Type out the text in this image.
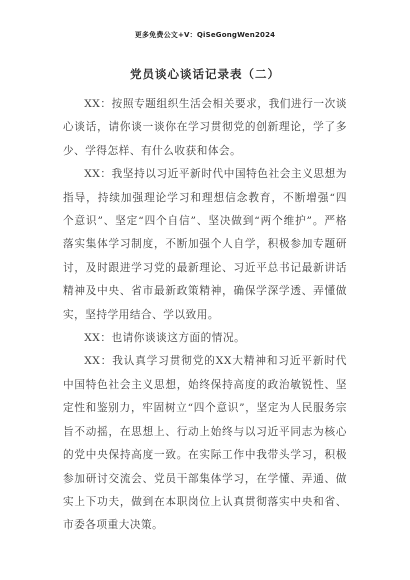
更多免费公文+V：QiSeGongWen2024
党员谈心谈话记录表（二）

XX：按照专题组织生活会相关要求，我们进行一次谈心谈话，请你谈一谈你在学习贯彻党的创新理论，学了多少、学得怎样、有什么收获和体会。

XX：我坚持以习近平新时代中国特色社会主义思想为指导，持续加强理论学习和理想信念教育，不断增强“四个意识”、坚定“四个自信”、坚决做到“两个维护”。严格落实集体学习制度，不断加强个人自学，积极参加专题研讨，及时跟进学习党的最新理论、习近平总书记最新讲话精神及中央、省市最新政策精神，确保学深学透、弄懂做实，坚持学用结合、学以致用。

XX：也请你谈谈这方面的情况。

XX：我认真学习贯彻党的XX大精神和习近平新时代中国特色社会主义思想，始终保持高度的政治敏锐性、坚定性和鉴别力，牢固树立“四个意识”，坚定为人民服务宗旨不动摇，在思想上、行动上始终与以习近平同志为核心的党中央保持高度一致。在实际工作中我带头学习，积极参加研讨交流会、党员干部集体学习，在学懂、弄通、做实上下功夫，做到在本职岗位上认真贯彻落实中央和省、市委各项重大决策。
